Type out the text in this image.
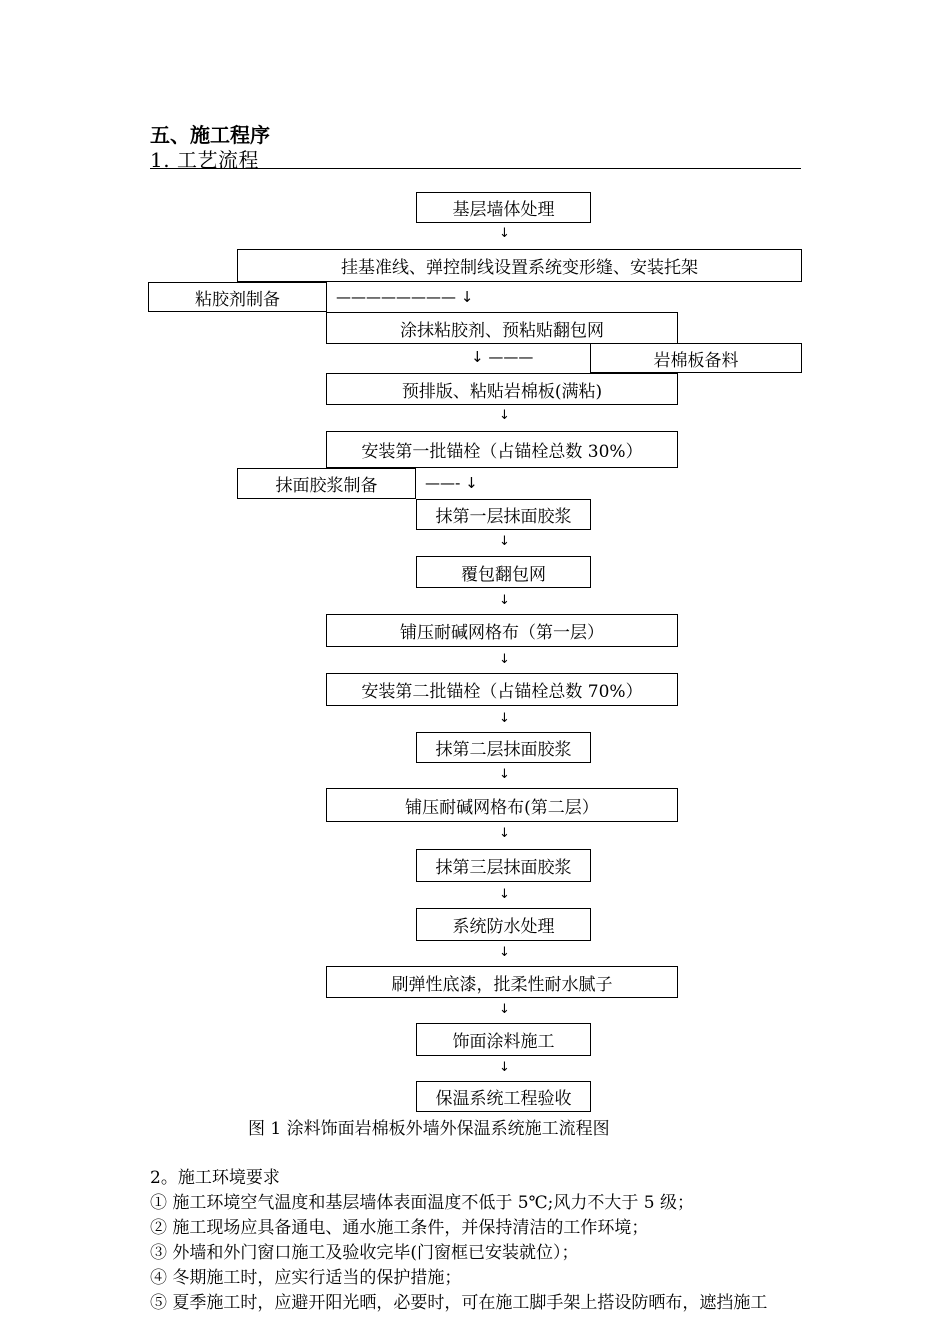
五、施工程序
1. 工艺流程
基层墙体处理
↓
挂基准线、弹控制线设置系统变形缝、安装托架
粘胶剂制备	———————— ↓
涂抹粘胶剂、预粘贴翻包网
↓ ———	岩棉板备料
预排版、粘贴岩棉板(满粘)
↓
安装第一批锚栓（占锚栓总数 30%）
抹面胶浆制备	——- ↓
抹第一层抹面胶浆
↓
覆包翻包网
↓
铺压耐碱网格布（第一层）
↓
安装第二批锚栓（占锚栓总数 70%）
↓
抹第二层抹面胶浆
↓
铺压耐碱网格布(第二层）
↓
抹第三层抹面胶浆
↓
系统防水处理
↓
刷弹性底漆，批柔性耐水腻子
↓
饰面涂料施工
↓
保温系统工程验收
图 1 涂料饰面岩棉板外墙外保温系统施工流程图
2。施工环境要求
① 施工环境空气温度和基层墙体表面温度不低于 5℃;风力不大于 5 级；
② 施工现场应具备通电、通水施工条件，并保持清洁的工作环境；
③ 外墙和外门窗口施工及验收完毕(门窗框已安装就位）；
④ 冬期施工时，应实行适当的保护措施；
⑤ 夏季施工时，应避开阳光晒，必要时，可在施工脚手架上搭设防晒布，遮挡施工
